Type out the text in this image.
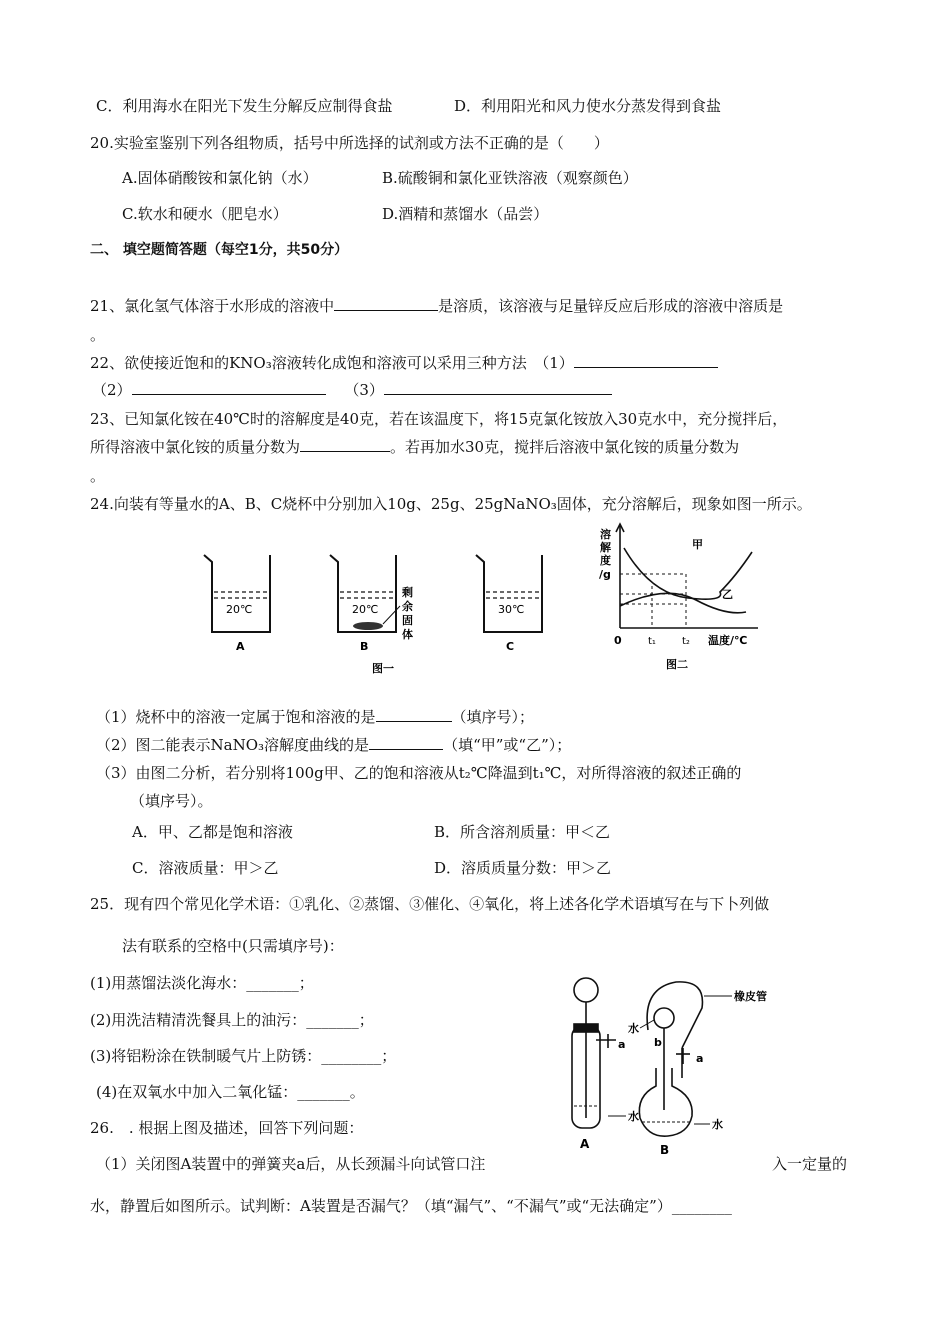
C．利用海水在阳光下发生分解反应制得食盐	D．利用阳光和风力使水分蒸发得到食盐
20.实验室鉴别下列各组物质，括号中所选择的试剂或方法不正确的是（　　）
A.固体硝酸铵和氯化钠（水）	B.硫酸铜和氯化亚铁溶液（观察颜色）
C.软水和硬水（肥皂水）	D.酒精和蒸馏水（品尝）
二、 填空题简答题（每空1分，共50分）
21、氯化氢气体溶于水形成的溶液中	是溶质，该溶液与足量锌反应后形成的溶液中溶质是
。
22、欲使接近饱和的KNO₃溶液转化成饱和溶液可以采用三种方法　（1）
（2）	（3）
23、已知氯化铵在40℃时的溶解度是40克，若在该温度下，将15克氯化铵放入30克水中，充分搅拌后，
所得溶液中氯化铵的质量分数为	。若再加水30克，搅拌后溶液中氯化铵的质量分数为
。
24.向装有等量水的A、B、C烧杯中分别加入10g、25g、25gNaNO₃固体，充分溶解后，现象如图一所示。
20℃	20℃	30℃
剩
余
固
体
A	B	C
图一
溶
解
度
/g
甲
乙
0	t₁	t₂ 温度/℃
图二
（1）烧杯中的溶液一定属于饱和溶液的是	（填序号）；
（2）图二能表示NaNO₃溶解度曲线的是	（填“甲”或“乙”）；
（3）由图二分析，若分别将100g甲、乙的饱和溶液从t₂℃降温到t₁℃，对所得溶液的叙述正确的
（填序号）。
A．甲、乙都是饱和溶液	B．所含溶剂质量：甲＜乙
C．溶液质量：甲＞乙	D．溶质质量分数：甲＞乙
25．现有四个常见化学术语：①乳化、②蒸馏、③催化、④氧化，将上述各化学术语填写在与下卜列做
法有联系的空格中(只需填序号)：
(1)用蒸馏法淡化海水：_______；
(2)用洗洁精清洗餐具上的油污：_______；
(3)将铝粉涂在铁制暖气片上防锈：________；
(4)在双氧水中加入二氧化锰：_______。
a
a
b
水
水
水
橡皮管
A	B
26.　. 根据上图及描述，回答下列问题：
（1）关闭图A装置中的弹簧夹a后，从长颈漏斗向试管口注	入一定量的
水，静置后如图所示。试判断：A装置是否漏气？（填“漏气”、“不漏气”或“无法确定”）________
